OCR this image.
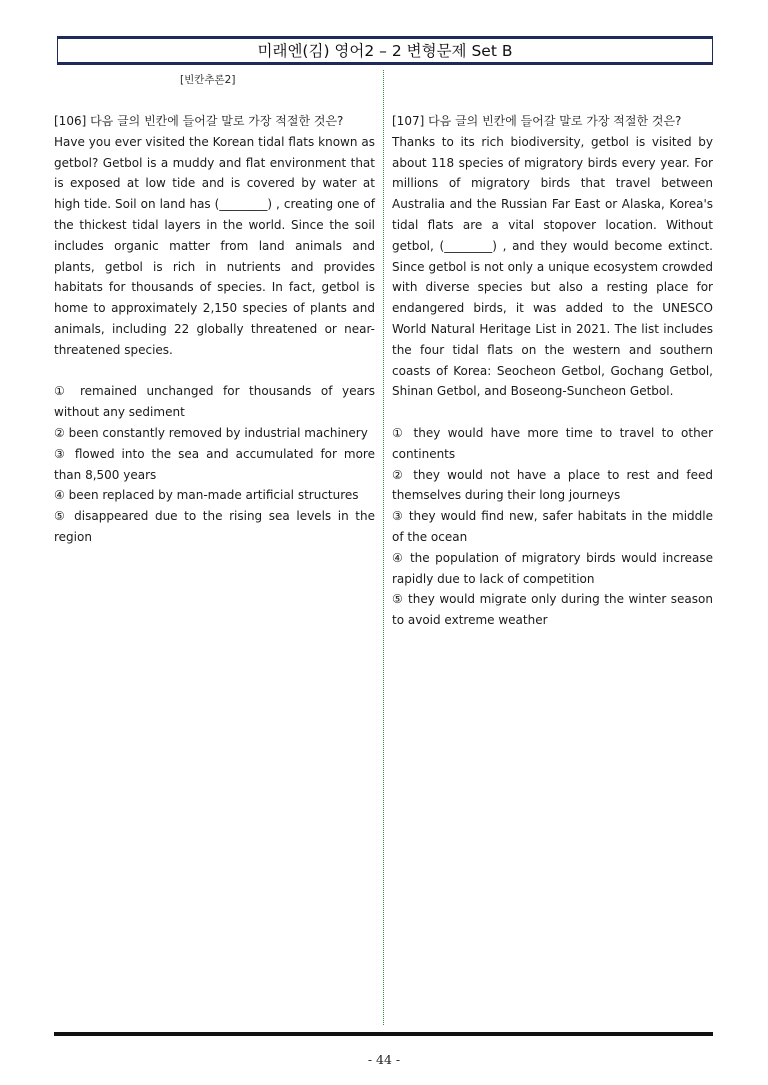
미래엔(김) 영어2 – 2 변형문제 Set B
[빈칸추론2]

[106] 다음 글의 빈칸에 들어갈 말로 가장 적절한 것은?

Have you ever visited the Korean tidal flats known as getbol? Getbol is a muddy and flat environment that is exposed at low tide and is covered by water at high tide. Soil on land has (________) , creating one of the thickest tidal layers in the world. Since the soil includes organic matter from land animals and plants, getbol is rich in nutrients and provides habitats for thousands of species. In fact, getbol is home to approximately 2,150 species of plants and animals, including 22 globally threatened or near-threatened species.

① remained unchanged for thousands of years without any sediment

② been constantly removed by industrial machinery

③ flowed into the sea and accumulated for more than 8,500 years

④ been replaced by man-made artificial structures

⑤ disappeared due to the rising sea levels in the region

[107] 다음 글의 빈칸에 들어갈 말로 가장 적절한 것은?

Thanks to its rich biodiversity, getbol is visited by about 118 species of migratory birds every year. For millions of migratory birds that travel between Australia and the Russian Far East or Alaska, Korea's tidal flats are a vital stopover location. Without getbol, (________) , and they would become extinct. Since getbol is not only a unique ecosystem crowded with diverse species but also a resting place for endangered birds, it was added to the UNESCO World Natural Heritage List in 2021. The list includes the four tidal flats on the western and southern coasts of Korea: Seocheon Getbol, Gochang Getbol, Shinan Getbol, and Boseong-Suncheon Getbol.

① they would have more time to travel to other continents

② they would not have a place to rest and feed themselves during their long journeys

③ they would find new, safer habitats in the middle of the ocean

④ the population of migratory birds would increase rapidly due to lack of competition

⑤ they would migrate only during the winter season to avoid extreme weather

- 44 -
